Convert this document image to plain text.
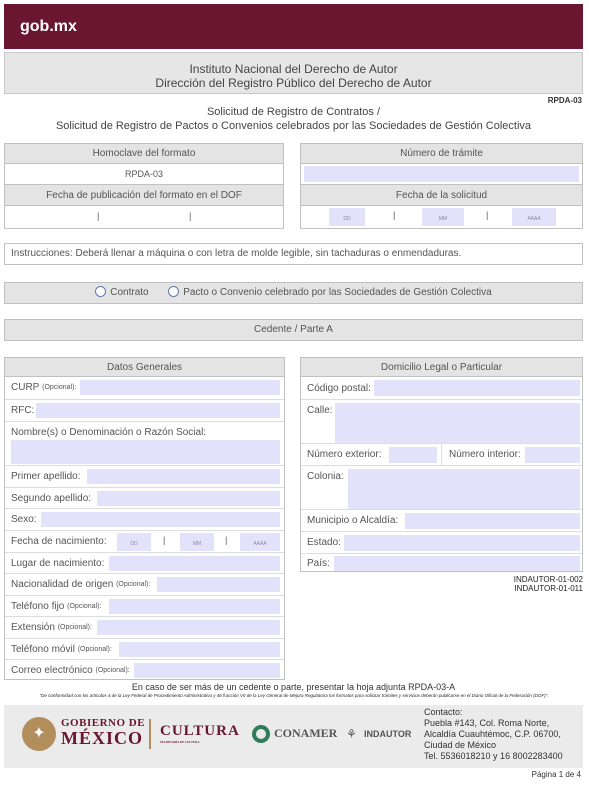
gob.mx
Instituto Nacional del Derecho de Autor
Dirección del Registro Público del Derecho de Autor
RPDA-03
Solicitud de Registro de Contratos /
Solicitud de Registro de Pactos o Convenios celebrados por las Sociedades de Gestión Colectiva
Homoclave del formato
RPDA-03
Fecha de publicación del formato en el DOF
|	|
Número de trámite
Fecha de la solicitud
DD	|	MM	|	AAAA
Instrucciones: Deberá llenar a máquina o con letra de molde legible, sin tachaduras o enmendaduras.
Contrato	Pacto o Convenio celebrado por las Sociedades de Gestión Colectiva
Cedente / Parte A
Datos Generales
CURP
(Opcional):
RFC:
Nombre(s) o Denominación o Razón Social:
Primer apellido:
Segundo apellido:
Sexo:
Fecha de nacimiento:	DD	|	MM	|	AAAA
Lugar de nacimiento:
Nacionalidad de origen
(Opcional):
Teléfono fijo
(Opcional):
Extensión
(Opcional):
Teléfono móvil
(Opcional):
Correo electrónico
(Opcional):
Domicilio Legal o Particular
Código postal:
Calle:
Número exterior:	Número interior:
Colonia:
Municipio o Alcaldía:
Estado:
País:
INDAUTOR-01-002
INDAUTOR-01-011
En caso de ser más de un cedente o parte, presentar la hoja adjunta RPDA-03-A
"De conformidad con los artículos 4 de la Ley Federal de Procedimiento Administrativo y 46 fracción VII de la Ley General de Mejora Regulatoria los formatos para solicitar trámites y servicios deberán publicarse en el Diario Oficial de la Federación (DOF)".
✦
GOBIERNO DE
MÉXICO CULTURA
SECRETARÍA DE CULTURA
CONAMER ⚘ INDAUTOR
Contacto:
Puebla #143, Col. Roma Norte,
Alcaldía Cuauhtémoc, C.P. 06700,
Ciudad de México
Tel. 5536018210 y 16 8002283400
Página 1 de 4
